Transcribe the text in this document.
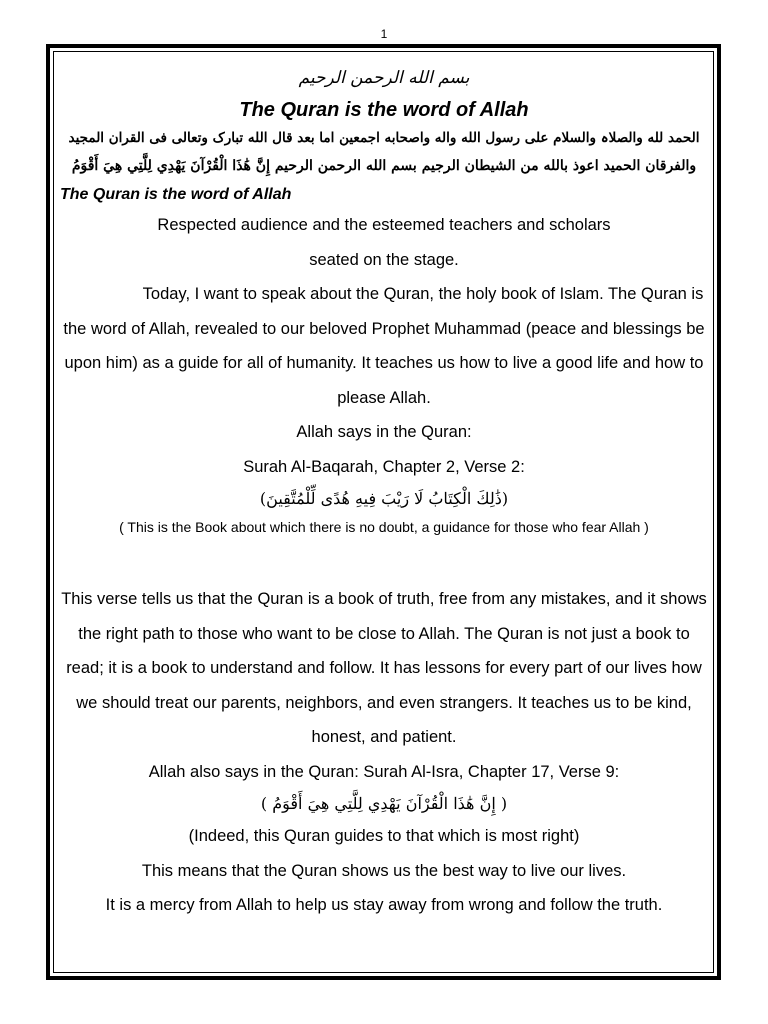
1
بسم الله الرحمن الرحیم
The Quran is the word of Allah
الحمد لله والصلاہ والسلام علی رسول الله واله واصحابه اجمعین اما بعد قال الله تبارک وتعالی فی القران المجید
والفرقان الحمید اعوذ بالله من الشیطان الرجیم بسم الله الرحمن الرحیم إِنَّ هَٰذَا الْقُرْآنَ يَهْدِي لِلَّتِي هِيَ أَقْوَمُ
The Quran is the word of Allah
Respected audience and the esteemed teachers and scholars
seated on the stage.
Today, I want to speak about the Quran, the holy book of Islam. The Quran is the word of Allah, revealed to our beloved Prophet Muhammad (peace and blessings be upon him) as a guide for all of humanity. It teaches us how to live a good life and how to please Allah.
Allah says in the Quran:
Surah Al-Baqarah, Chapter 2, Verse 2:
(ذَٰلِكَ الْكِتَابُ لَا رَيْبَ فِيهِ هُدًى لِّلْمُتَّقِينَ)
( This is the Book about which there is no doubt, a guidance for those who fear Allah )
This verse tells us that the Quran is a book of truth, free from any mistakes, and it shows the right path to those who want to be close to Allah. The Quran is not just a book to read; it is a book to understand and follow. It has lessons for every part of our lives how we should treat our parents, neighbors, and even strangers. It teaches us to be kind, honest, and patient.
Allah also says in the Quran: Surah Al-Isra, Chapter 17, Verse 9:
( إِنَّ هَٰذَا الْقُرْآنَ يَهْدِي لِلَّتِي هِيَ أَقْوَمُ )
(Indeed, this Quran guides to that which is most right)
This means that the Quran shows us the best way to live our lives.
It is a mercy from Allah to help us stay away from wrong and follow the truth.
